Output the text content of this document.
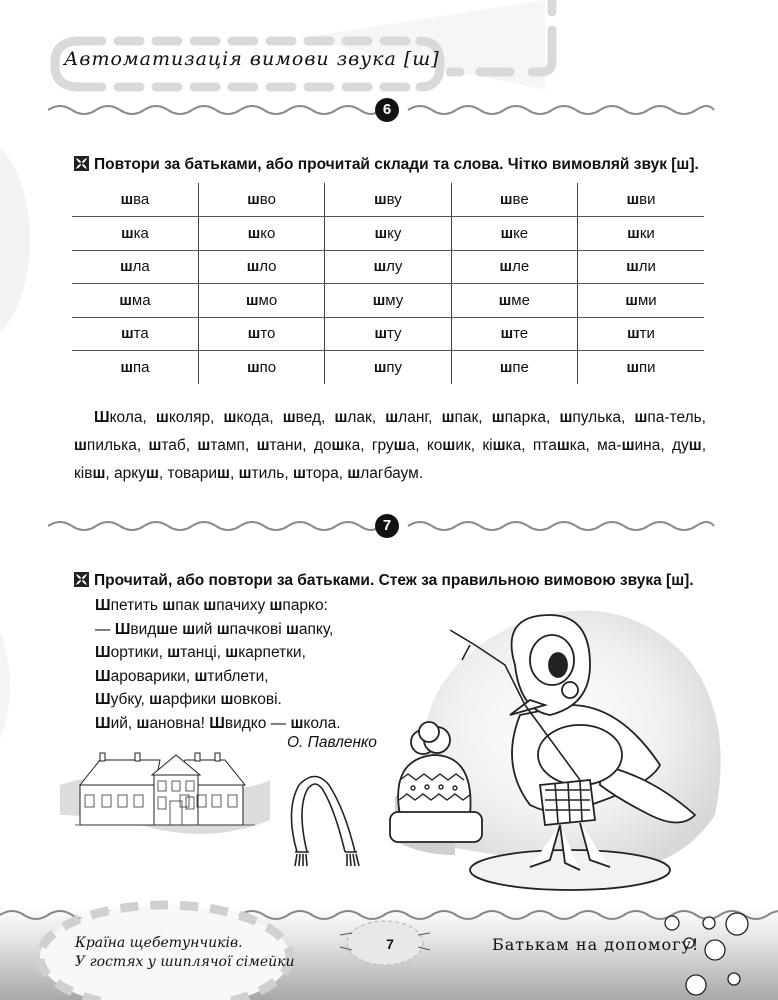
Автоматизація вимови звука [ш]
6
Повтори за батьками, або прочитай склади та слова. Чітко вимовляй звук [ш].
шва	шво	шву	шве	шви
шка	шко	шку	шке	шки
шла	шло	шлу	шле	шли
шма	шмо	шму	шме	шми
шта	што	шту	ште	шти
шпа	шпо	шпу	шпе	шпи
Школа, школяр, шкода, швед, шлак, шланг, шпак, шпарка, шпулька, шпа-тель, шпилька, штаб, штамп, штани, дошка, груша, кошик, кішка, пташка, ма-шина, душ, ківш, аркуш, товариш, штиль, штора, шлагбаум.
7
Прочитай, або повтори за батьками. Стеж за правильною вимовою звука [ш].
Шпетить шпак шпачиху шпарко:
— Швидше ший шпачкові шапку,
Шортики, штанці, шкарпетки,
Шароварики, штиблети,
Шубку, шарфики шовкові.
Ший, шановна! Швидко — школа.
О. Павленко
Країна щебетунчиків.
У гостях у шиплячої сімейки
7	Батькам на допомогу!
